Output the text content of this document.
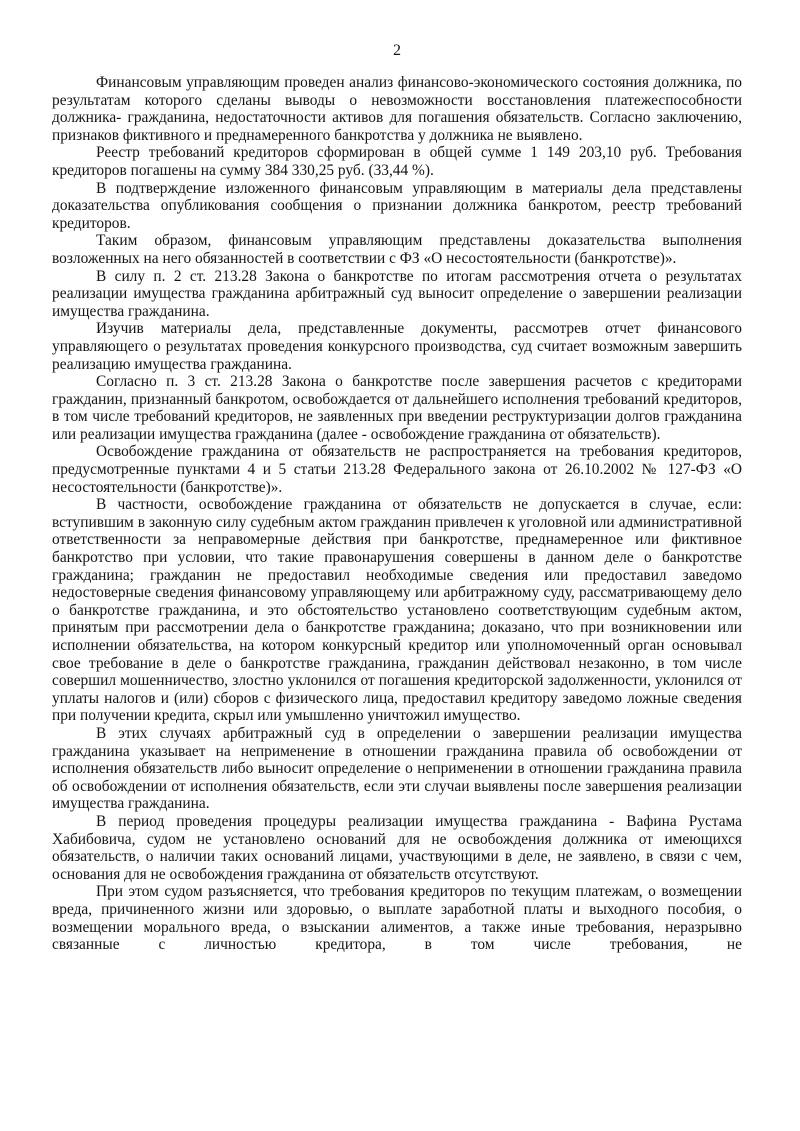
2

Финансовым управляющим проведен анализ финансово-экономического состояния должника, по результатам которого сделаны выводы о невозможности восстановления платежеспособности должника- гражданина, недостаточности активов для погашения обязательств. Согласно заключению, признаков фиктивного и преднамеренного банкротства у должника не выявлено.

Реестр требований кредиторов сформирован в общей сумме 1 149 203,10 руб. Требования кредиторов погашены на сумму 384 330,25 руб. (33,44 %).

В подтверждение изложенного финансовым управляющим в материалы дела представлены доказательства опубликования сообщения о признании должника банкротом, реестр требований кредиторов.

Таким образом, финансовым управляющим представлены доказательства выполнения возложенных на него обязанностей в соответствии с ФЗ «О несостоятельности (банкротстве)».

В силу п. 2 ст. 213.28 Закона о банкротстве по итогам рассмотрения отчета о результатах реализации имущества гражданина арбитражный суд выносит определение о завершении реализации имущества гражданина.

Изучив материалы дела, представленные документы, рассмотрев отчет финансового управляющего о результатах проведения конкурсного производства, суд считает возможным завершить реализацию имущества гражданина.

Согласно п. 3 ст. 213.28 Закона о банкротстве после завершения расчетов с кредиторами гражданин, признанный банкротом, освобождается от дальнейшего исполнения требований кредиторов, в том числе требований кредиторов, не заявленных при введении реструктуризации долгов гражданина или реализации имущества гражданина (далее - освобождение гражданина от обязательств).

Освобождение гражданина от обязательств не распространяется на требования кредиторов, предусмотренные пунктами 4 и 5 статьи 213.28 Федерального закона от 26.10.2002 № 127-ФЗ «О несостоятельности (банкротстве)».

В частности, освобождение гражданина от обязательств не допускается в случае, если: вступившим в законную силу судебным актом гражданин привлечен к уголовной или административной ответственности за неправомерные действия при банкротстве, преднамеренное или фиктивное банкротство при условии, что такие правонарушения совершены в данном деле о банкротстве гражданина; гражданин не предоставил необходимые сведения или предоставил заведомо недостоверные сведения финансовому управляющему или арбитражному суду, рассматривающему дело о банкротстве гражданина, и это обстоятельство установлено соответствующим судебным актом, принятым при рассмотрении дела о банкротстве гражданина; доказано, что при возникновении или исполнении обязательства, на котором конкурсный кредитор или уполномоченный орган основывал свое требование в деле о банкротстве гражданина, гражданин действовал незаконно, в том числе совершил мошенничество, злостно уклонился от погашения кредиторской задолженности, уклонился от уплаты налогов и (или) сборов с физического лица, предоставил кредитору заведомо ложные сведения при получении кредита, скрыл или умышленно уничтожил имущество.

В этих случаях арбитражный суд в определении о завершении реализации имущества гражданина указывает на неприменение в отношении гражданина правила об освобождении от исполнения обязательств либо выносит определение о неприменении в отношении гражданина правила об освобождении от исполнения обязательств, если эти случаи выявлены после завершения реализации имущества гражданина.

В период проведения процедуры реализации имущества гражданина - Вафина Рустама Хабибовича, судом не установлено оснований для не освобождения должника от имеющихся обязательств, о наличии таких оснований лицами, участвующими в деле, не заявлено, в связи с чем, основания для не освобождения гражданина от обязательств отсутствуют.

При этом судом разъясняется, что требования кредиторов по текущим платежам, о возмещении вреда, причиненного жизни или здоровью, о выплате заработной платы и выходного пособия, о возмещении морального вреда, о взыскании алиментов, а также иные требования, неразрывно связанные с личностью кредитора, в том числе требования, не
